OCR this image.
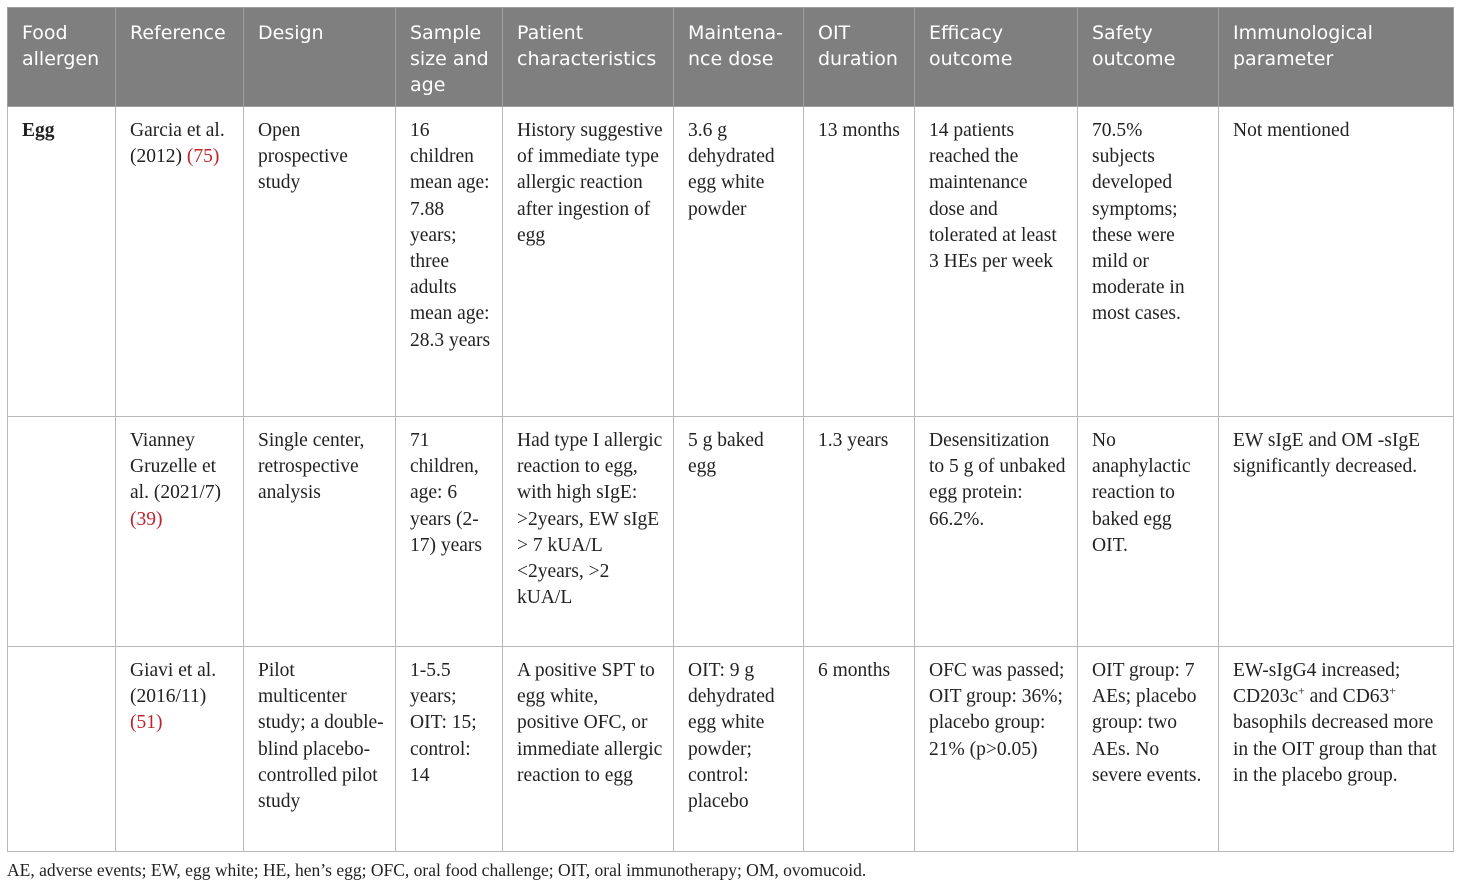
Food allergen	Reference	Design	Sample size and age	Patient characteristics	Maintena-nce dose	OIT duration	Efficacy outcome	Safety outcome	Immunological parameter
Egg	Garcia et al. (2012) (75)	Open prospective study	16 children mean age: 7.88 years; three adults mean age: 28.3 years	History suggestive of immediate type allergic reaction after ingestion of egg	3.6 g dehydrated egg white powder	13 months	14 patients reached the maintenance dose and tolerated at least 3 HEs per week	70.5% subjects developed symptoms; these were mild or moderate in most cases.	Not mentioned
	Vianney Gruzelle et al. (2021/7) (39)	Single center, retrospective analysis	71 children, age: 6 years (2-17) years	Had type I allergic reaction to egg, with high sIgE: >2years, EW sIgE > 7 kUA/L <2years, >2 kUA/L	5 g baked egg	1.3 years	Desensitization to 5 g of unbaked egg protein: 66.2%.	No anaphylactic reaction to baked egg OIT.	EW sIgE and OM -sIgE significantly decreased.
	Giavi et al. (2016/11) (51)	Pilot multicenter study; a double-blind placebo-controlled pilot study	1-5.5 years; OIT: 15; control: 14	A positive SPT to egg white, positive OFC, or immediate allergic reaction to egg	OIT: 9 g dehydrated egg white powder; control: placebo	6 months	OFC was passed; OIT group: 36%; placebo group: 21% (p>0.05)	OIT group: 7 AEs; placebo group: two AEs. No severe events.	EW-sIgG4 increased; CD203c+ and CD63+ basophils decreased more in the OIT group than that in the placebo group.
AE, adverse events; EW, egg white; HE, hen’s egg; OFC, oral food challenge; OIT, oral immunotherapy; OM, ovomucoid.
